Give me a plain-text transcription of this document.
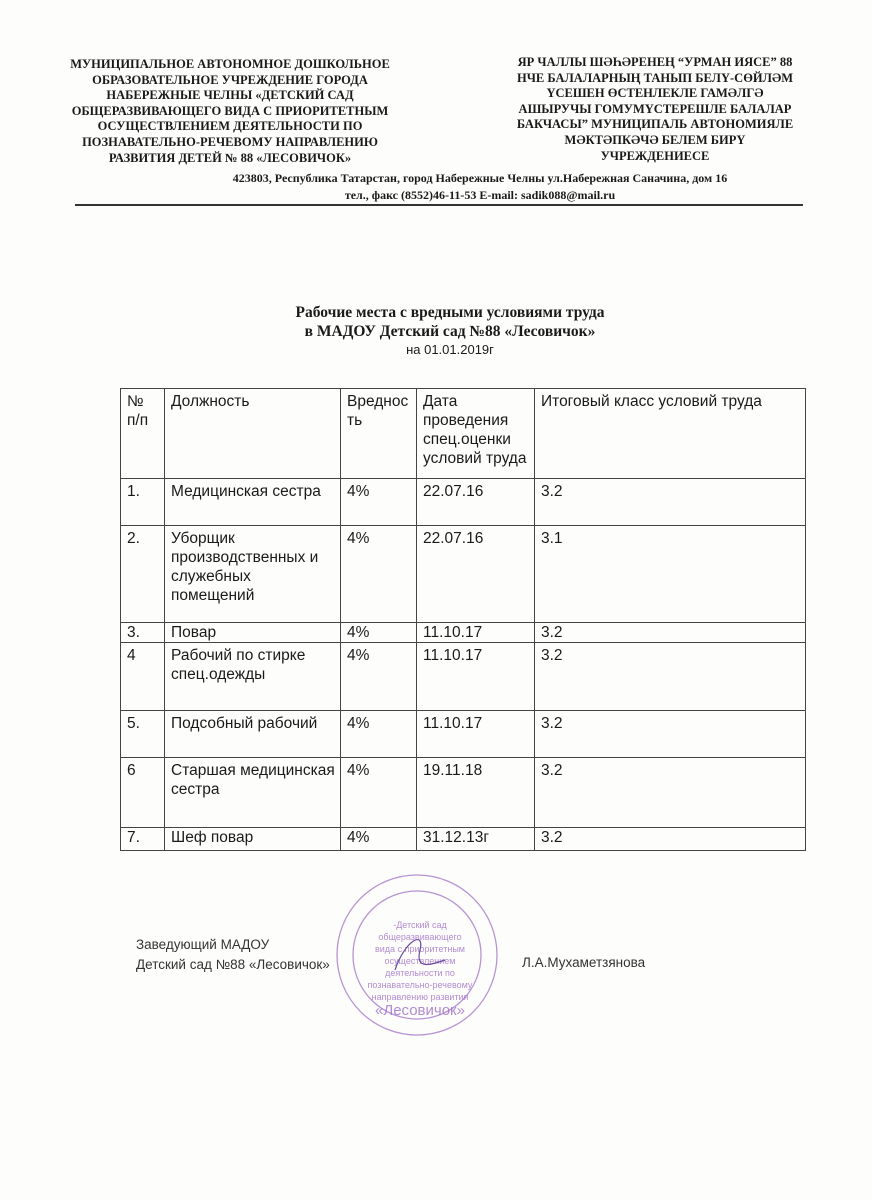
МУНИЦИПАЛЬНОЕ АВТОНОМНОЕ ДОШКОЛЬНОЕ
ОБРАЗОВАТЕЛЬНОЕ УЧРЕЖДЕНИЕ ГОРОДА
НАБЕРЕЖНЫЕ ЧЕЛНЫ «ДЕТСКИЙ САД
ОБЩЕРАЗВИВАЮЩЕГО ВИДА С ПРИОРИТЕТНЫМ
ОСУЩЕСТВЛЕНИЕМ ДЕЯТЕЛЬНОСТИ ПО
ПОЗНАВАТЕЛЬНО-РЕЧЕВОМУ НАПРАВЛЕНИЮ
РАЗВИТИЯ ДЕТЕЙ № 88 «ЛЕСОВИЧОК»
ЯР ЧАЛЛЫ ШӘҺӘРЕНЕҢ “УРМАН ИЯСЕ” 88
НЧЕ БАЛАЛАРНЫҢ ТАНЫП БЕЛҮ-СӨЙЛӘМ
ҮСЕШЕН ӨСТЕНЛЕКЛЕ ГАМӘЛГӘ
АШЫРУЧЫ ГОМУМҮСТЕРЕШЛЕ БАЛАЛАР
БАКЧАСЫ” МУНИЦИПАЛЬ АВТОНОМИЯЛЕ
МӘКТӘПКӘЧӘ БЕЛЕМ БИРҮ
УЧРЕЖДЕНИЕСЕ
423803, Республика Татарстан, город Набережные Челны ул.Набережная Саначина, дом 16
тел., факс (8552)46-11-53 E-mail: sadik088@mail.ru
Рабочие места с вредными условиями труда
в МАДОУ Детский сад №88 «Лесовичок»
на 01.01.2019г
№ п/п	Должность	Вредность	Дата проведения спец.оценки условий труда	Итоговый класс условий труда
1.	Медицинская сестра	4%	22.07.16	3.2
2.	Уборщик производственных и служебных помещений	4%	22.07.16	3.1
3.	Повар	4%	11.10.17	3.2
4	Рабочий по стирке спец.одежды	4%	11.10.17	3.2
5.	Подсобный рабочий	4%	11.10.17	3.2
6	Старшая медицинская сестра	4%	19.11.18	3.2
7.	Шеф повар	4%	31.12.13г	3.2
Заведующий МАДОУ
Детский сад №88 «Лесовичок»	Л.А.Мухаметзянова
-Детский сад
общеразвивающего
вида с приоритетным
осуществлением
деятельности по
познавательно-речевому
направлению развития
«Лесовичок»
